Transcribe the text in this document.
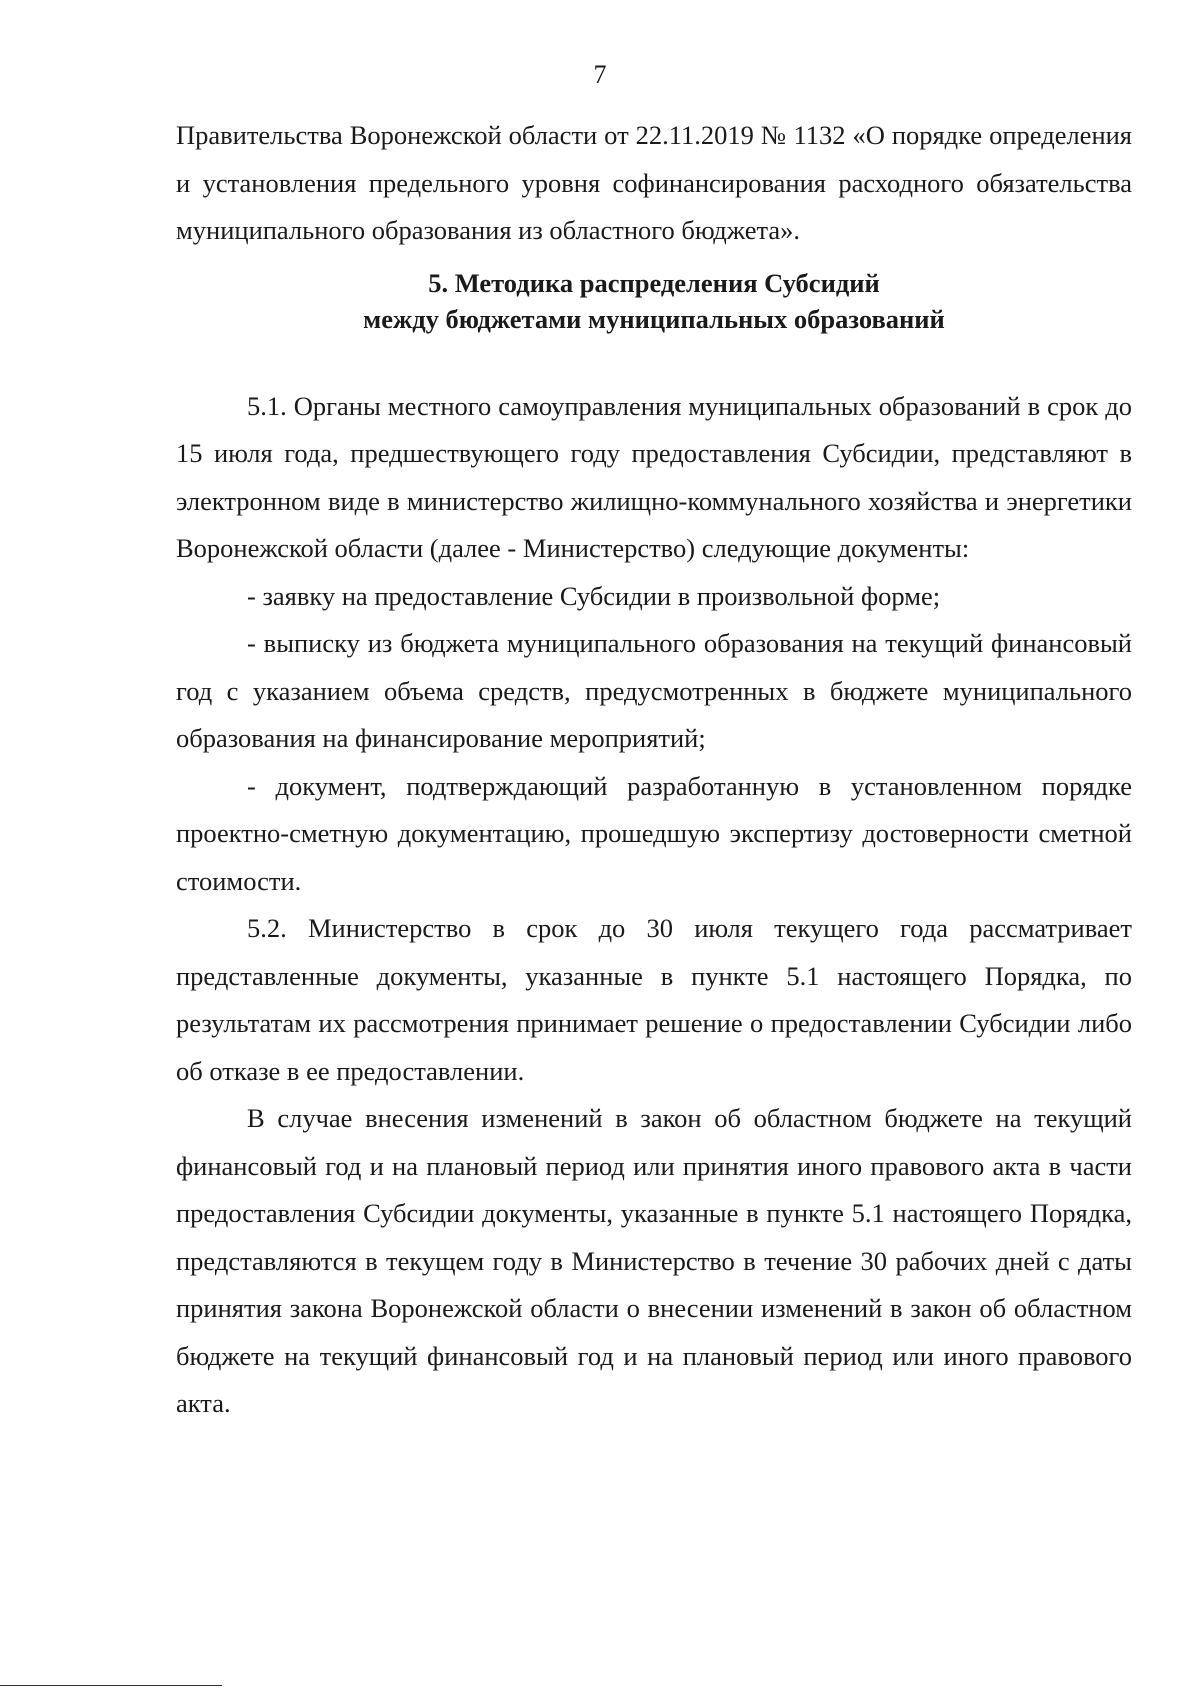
7

Правительства Воронежской области от 22.11.2019 № 1132 «О порядке определения и установления предельного уровня софинансирования расходного обязательства муниципального образования из областного бюджета».

5. Методика распределения Субсидий
между бюджетами муниципальных образований

5.1. Органы местного самоуправления муниципальных образований в срок до 15 июля года, предшествующего году предоставления Субсидии, представляют в электронном виде в министерство жилищно-коммунального хозяйства и энергетики Воронежской области (далее - Министерство) следующие документы:

- заявку на предоставление Субсидии в произвольной форме;

- выписку из бюджета муниципального образования на текущий финансовый год с указанием объема средств, предусмотренных в бюджете муниципального образования на финансирование мероприятий;

- документ, подтверждающий разработанную в установленном порядке проектно-сметную документацию, прошедшую экспертизу достоверности сметной стоимости.

5.2. Министерство в срок до 30 июля текущего года рассматривает представленные документы, указанные в пункте 5.1 настоящего Порядка, по результатам их рассмотрения принимает решение о предоставлении Субсидии либо об отказе в ее предоставлении.

В случае внесения изменений в закон об областном бюджете на текущий финансовый год и на плановый период или принятия иного правового акта в части предоставления Субсидии документы, указанные в пункте 5.1 настоящего Порядка, представляются в текущем году в Министерство в течение 30 рабочих дней с даты принятия закона Воронежской области о внесении изменений в закон об областном бюджете на текущий финансовый год и на плановый период или иного правового акта.
